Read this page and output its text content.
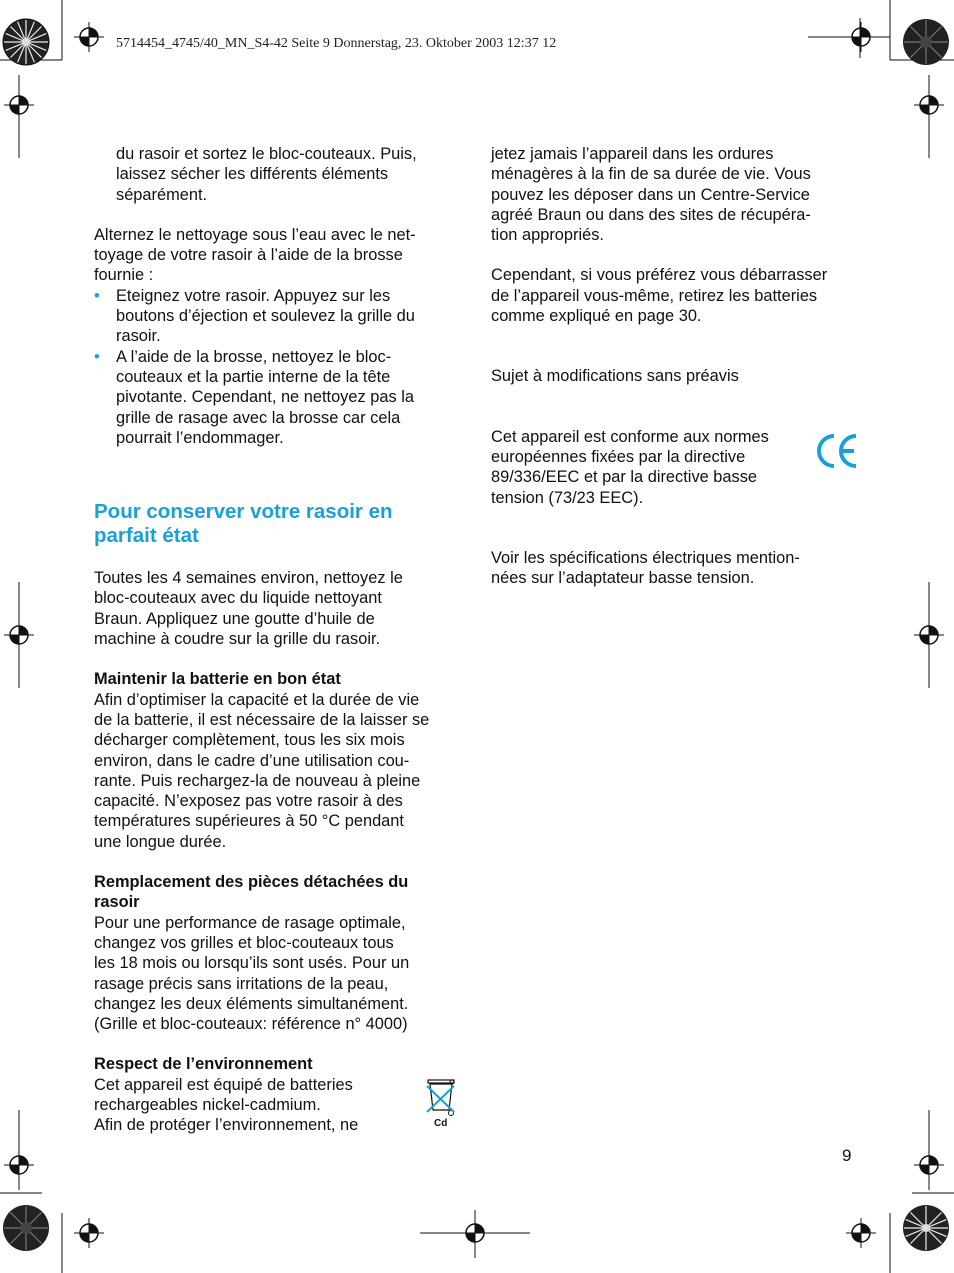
5714454_4745/40_MN_S4-42 Seite 9 Donnerstag, 23. Oktober 2003 12:37 12

du rasoir et sortez le bloc-couteaux. Puis,
laissez sécher les différents éléments
séparément.

Alternez le nettoyage sous l’eau avec le net-
toyage de votre rasoir à l’aide de la brosse
fournie :

• Eteignez votre rasoir. Appuyez sur les
boutons d’éjection et soulevez la grille du
rasoir.
• A l’aide de la brosse, nettoyez le bloc-
couteaux et la partie interne de la tête
pivotante. Cependant, ne nettoyez pas la
grille de rasage avec la brosse car cela
pourrait l’endommager.
Pour conserver votre rasoir en
parfait état

Toutes les 4 semaines environ, nettoyez le
bloc-couteaux avec du liquide nettoyant
Braun. Appliquez une goutte d’huile de
machine à coudre sur la grille du rasoir.

Maintenir la batterie en bon état

Afin d’optimiser la capacité et la durée de vie
de la batterie, il est nécessaire de la laisser se
décharger complètement, tous les six mois
environ, dans le cadre d’une utilisation cou-
rante. Puis rechargez-la de nouveau à pleine
capacité. N’exposez pas votre rasoir à des
températures supérieures à 50 °C pendant
une longue durée.

Remplacement des pièces détachées du
rasoir

Pour une performance de rasage optimale,
changez vos grilles et bloc-couteaux tous
les 18 mois ou lorsqu’ils sont usés. Pour un
rasage précis sans irritations de la peau,
changez les deux éléments simultanément.
(Grille et bloc-couteaux: référence n° 4000)

Respect de l’environnement

Cet appareil est équipé de batteries
rechargeables nickel-cadmium.
Afin de protéger l’environnement, ne	Cd

jetez jamais l’appareil dans les ordures
ménagères à la fin de sa durée de vie. Vous
pouvez les déposer dans un Centre-Service
agréé Braun ou dans des sites de récupéra-
tion appropriés.

Cependant, si vous préférez vous débarrasser
de l’appareil vous-même, retirez les batteries
comme expliqué en page 30.

Sujet à modifications sans préavis

Cet appareil est conforme aux normes
européennes fixées par la directive
89/336/EEC et par la directive basse
tension (73/23 EEC).

Voir les spécifications électriques mention-
nées sur l’adaptateur basse tension.

9
